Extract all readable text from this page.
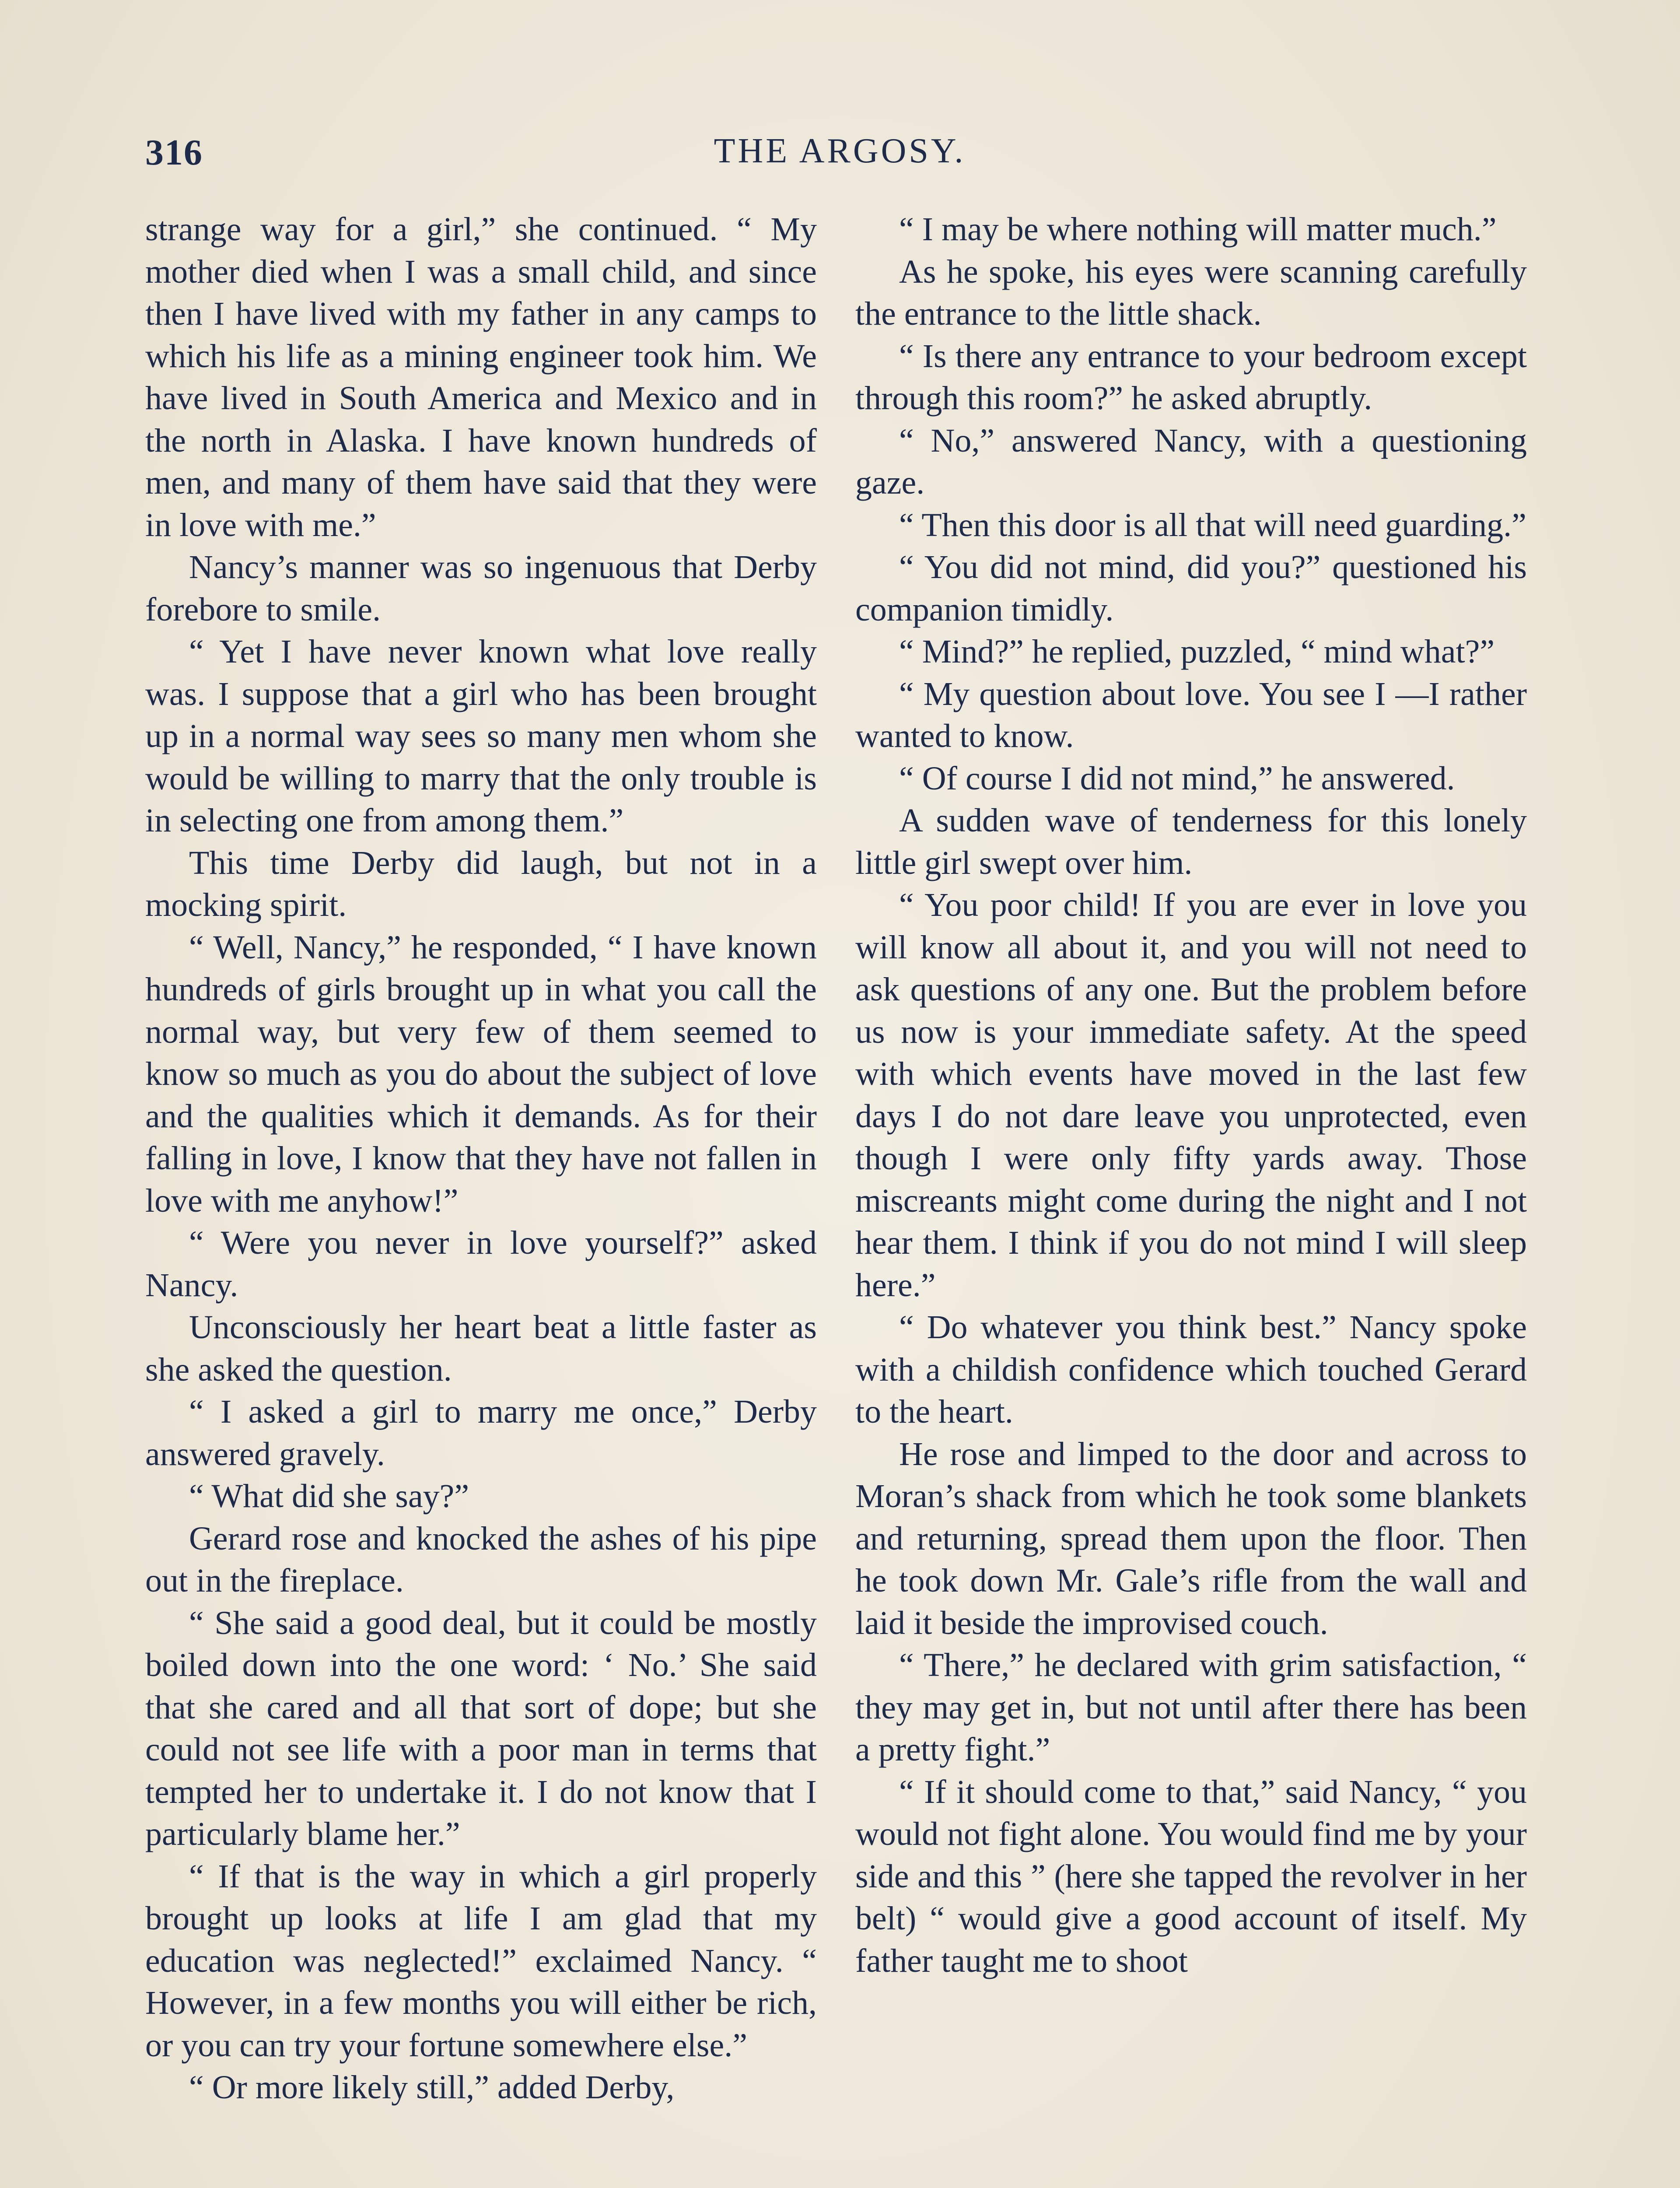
316	THE ARGOSY.

strange way for a girl,” she continued. “ My mother died when I was a small child, and since then I have lived with my father in any camps to which his life as a mining engineer took him. We have lived in South America and Mexico and in the north in Alaska. I have known hundreds of men, and many of them have said that they were in love with me.”

Nancy’s manner was so ingenuous that Derby forebore to smile.

“ Yet I have never known what love really was. I suppose that a girl who has been brought up in a normal way sees so many men whom she would be willing to marry that the only trouble is in selecting one from among them.”

This time Derby did laugh, but not in a mocking spirit.

“ Well, Nancy,” he responded, “ I have known hundreds of girls brought up in what you call the normal way, but very few of them seemed to know so much as you do about the subject of love and the qualities which it demands. As for their falling in love, I know that they have not fallen in love with me anyhow!”

“ Were you never in love yourself?” asked Nancy.

Unconsciously her heart beat a little faster as she asked the question.

“ I asked a girl to marry me once,” Derby answered gravely.

“ What did she say?”

Gerard rose and knocked the ashes of his pipe out in the fireplace.

“ She said a good deal, but it could be mostly boiled down into the one word: ‘ No.’ She said that she cared and all that sort of dope; but she could not see life with a poor man in terms that tempted her to undertake it. I do not know that I particularly blame her.”

“ If that is the way in which a girl properly brought up looks at life I am glad that my education was neglected!” exclaimed Nancy. “ However, in a few months you will either be rich, or you can try your fortune somewhere else.”

“ Or more likely still,” added Derby,

“ I may be where nothing will matter much.”

As he spoke, his eyes were scanning carefully the entrance to the little shack.

“ Is there any entrance to your bedroom except through this room?” he asked abruptly.

“ No,” answered Nancy, with a questioning gaze.

“ Then this door is all that will need guarding.”

“ You did not mind, did you?” questioned his companion timidly.

“ Mind?” he replied, puzzled, “ mind what?”

“ My question about love. You see I —I rather wanted to know.

“ Of course I did not mind,” he answered.

A sudden wave of tenderness for this lonely little girl swept over him.

“ You poor child! If you are ever in love you will know all about it, and you will not need to ask questions of any one. But the problem before us now is your immediate safety. At the speed with which events have moved in the last few days I do not dare leave you unprotected, even though I were only fifty yards away. Those miscreants might come during the night and I not hear them. I think if you do not mind I will sleep here.”

“ Do whatever you think best.” Nancy spoke with a childish confidence which touched Gerard to the heart.

He rose and limped to the door and across to Moran’s shack from which he took some blankets and returning, spread them upon the floor. Then he took down Mr. Gale’s rifle from the wall and laid it beside the improvised couch.

“ There,” he declared with grim satisfaction, “ they may get in, but not until after there has been a pretty fight.”

“ If it should come to that,” said Nancy, “ you would not fight alone. You would find me by your side and this ” (here she tapped the revolver in her belt) “ would give a good account of itself. My father taught me to shoot
